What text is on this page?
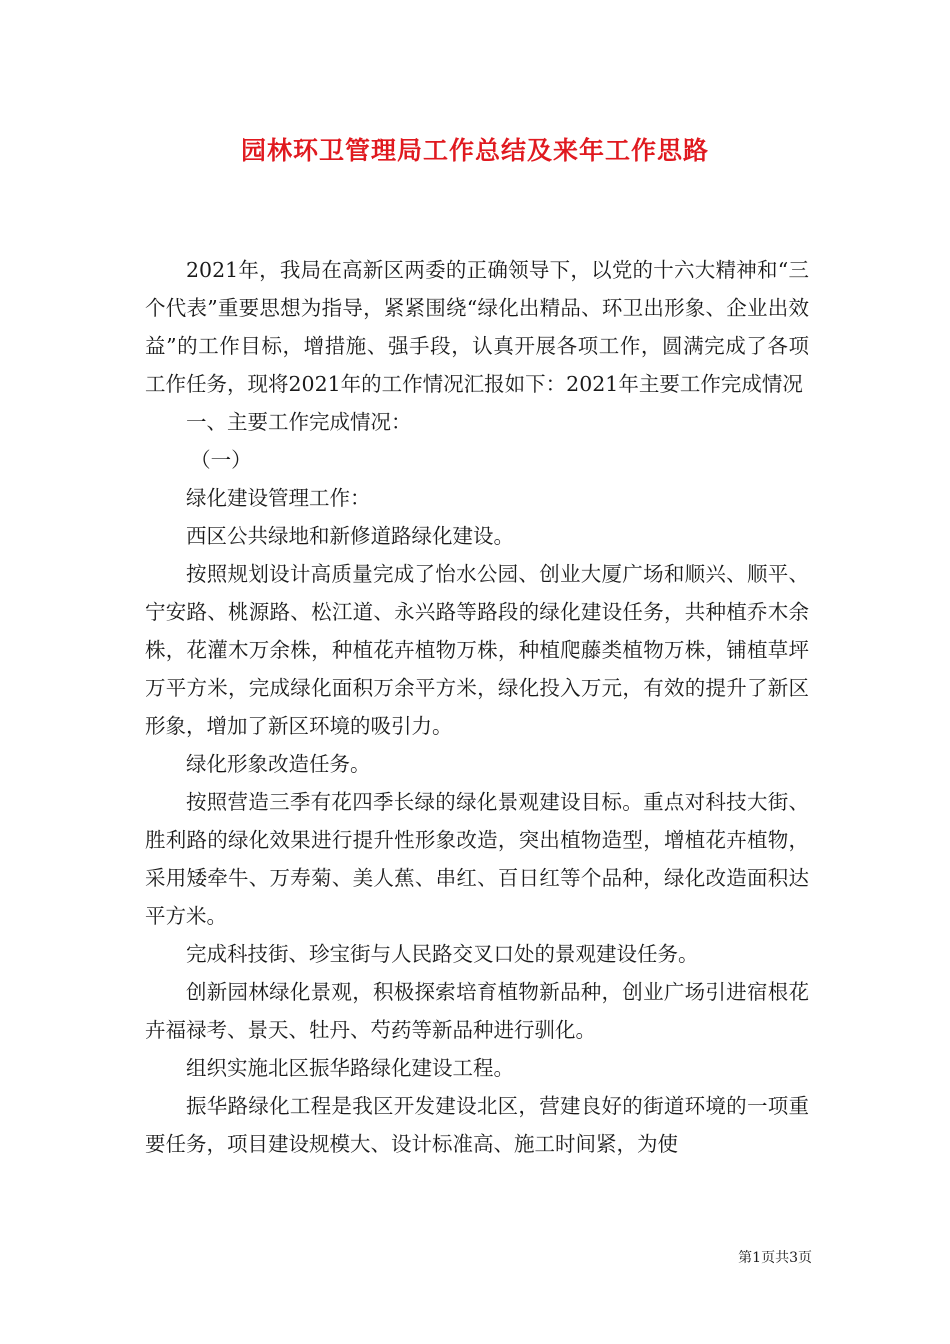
园林环卫管理局工作总结及来年工作思路

2021年，我局在高新区两委的正确领导下，以党的十六大精神和“三个代表”重要思想为指导，紧紧围绕“绿化出精品、环卫出形象、企业出效益”的工作目标，增措施、强手段，认真开展各项工作，圆满完成了各项工作任务，现将2021年的工作情况汇报如下：2021年主要工作完成情况

一、主要工作完成情况：

（一）

绿化建设管理工作：

西区公共绿地和新修道路绿化建设。

按照规划设计高质量完成了怡水公园、创业大厦广场和顺兴、顺平、宁安路、桃源路、松江道、永兴路等路段的绿化建设任务，共种植乔木余株，花灌木万余株，种植花卉植物万株，种植爬藤类植物万株，铺植草坪万平方米，完成绿化面积万余平方米，绿化投入万元，有效的提升了新区形象，增加了新区环境的吸引力。

绿化形象改造任务。

按照营造三季有花四季长绿的绿化景观建设目标。重点对科技大街、胜利路的绿化效果进行提升性形象改造，突出植物造型，增植花卉植物，采用矮牵牛、万寿菊、美人蕉、串红、百日红等个品种，绿化改造面积达平方米。

完成科技街、珍宝街与人民路交叉口处的景观建设任务。

创新园林绿化景观，积极探索培育植物新品种，创业广场引进宿根花卉福禄考、景天、牡丹、芍药等新品种进行驯化。

组织实施北区振华路绿化建设工程。

振华路绿化工程是我区开发建设北区，营建良好的街道环境的一项重要任务，项目建设规模大、设计标准高、施工时间紧，为使

第1页共3页
